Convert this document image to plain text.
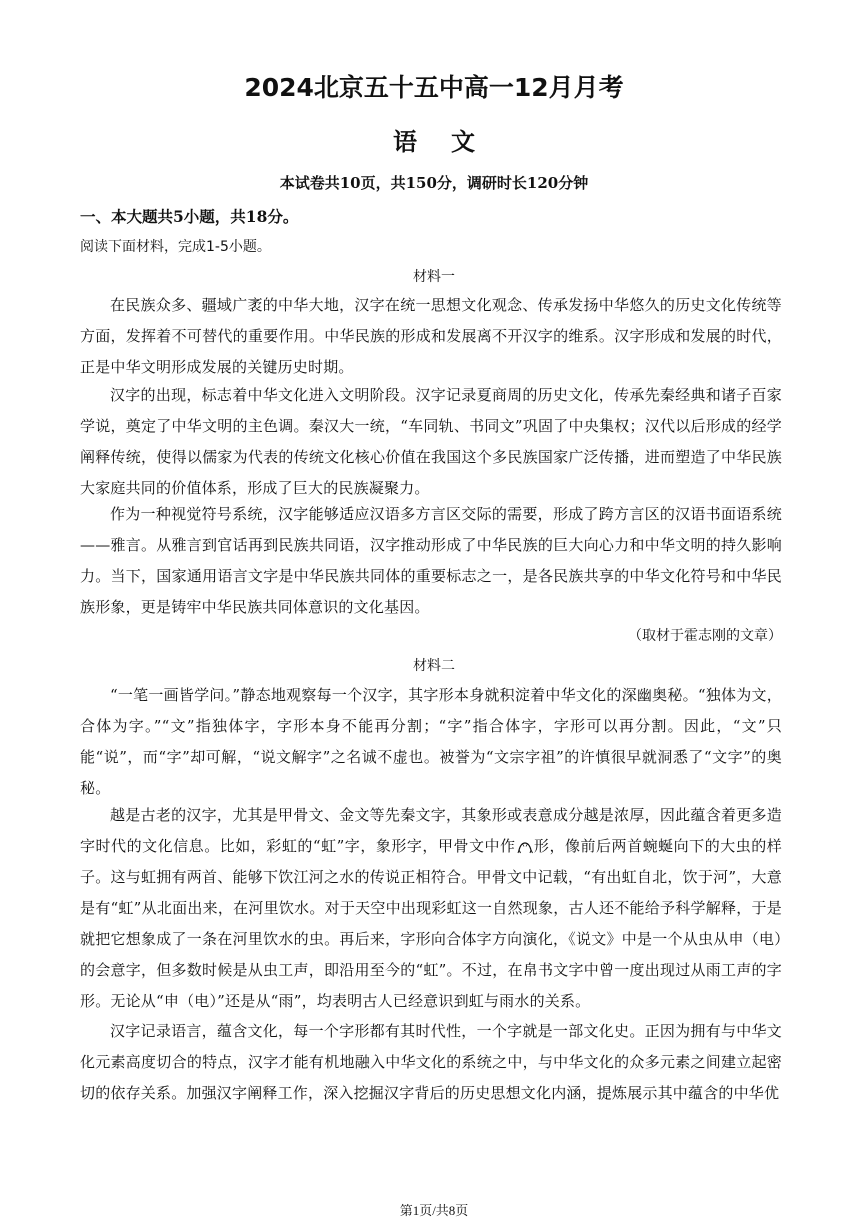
2024北京五十五中高一12月月考
语文
本试卷共10页，共150分，调研时长120分钟
一、本大题共5小题，共18分。
阅读下面材料，完成1-5小题。
材料一

在民族众多、疆域广袤的中华大地，汉字在统一思想文化观念、传承发扬中华悠久的历史文化传统等方面，发挥着不可替代的重要作用。中华民族的形成和发展离不开汉字的维系。汉字形成和发展的时代，正是中华文明形成发展的关键历史时期。

汉字的出现，标志着中华文化进入文明阶段。汉字记录夏商周的历史文化，传承先秦经典和诸子百家学说，奠定了中华文明的主色调。秦汉大一统，“车同轨、书同文”巩固了中央集权；汉代以后形成的经学阐释传统，使得以儒家为代表的传统文化核心价值在我国这个多民族国家广泛传播，进而塑造了中华民族大家庭共同的价值体系，形成了巨大的民族凝聚力。

作为一种视觉符号系统，汉字能够适应汉语多方言区交际的需要，形成了跨方言区的汉语书面语系统——雅言。从雅言到官话再到民族共同语，汉字推动形成了中华民族的巨大向心力和中华文明的持久影响力。当下，国家通用语言文字是中华民族共同体的重要标志之一，是各民族共享的中华文化符号和中华民族形象，更是铸牢中华民族共同体意识的文化基因。

（取材于霍志刚的文章）
材料二

“一笔一画皆学问。”静态地观察每一个汉字，其字形本身就积淀着中华文化的深幽奥秘。“独体为文，合体为字。”“文”指独体字，字形本身不能再分割；“字”指合体字，字形可以再分割。因此，“文”只能“说”，而“字”却可解，“说文解字”之名诚不虚也。被誉为“文宗字祖”的许慎很早就洞悉了“文字”的奥秘。

越是古老的汉字，尤其是甲骨文、金文等先秦文字，其象形或表意成分越是浓厚，因此蕴含着更多造字时代的文化信息。比如，彩虹的“虹”字，象形字，甲骨文中作 形，像前后两首蜿蜒向下的大虫的样子。这与虹拥有两首、能够下饮江河之水的传说正相符合。甲骨文中记载，“有出虹自北，饮于河”，大意是有“虹”从北面出来，在河里饮水。对于天空中出现彩虹这一自然现象，古人还不能给予科学解释，于是就把它想象成了一条在河里饮水的虫。再后来，字形向合体字方向演化，《说文》中是一个从虫从申（电）的会意字，但多数时候是从虫工声，即沿用至今的“虹”。不过，在帛书文字中曾一度出现过从雨工声的字形。无论从“申（电）”还是从“雨”，均表明古人已经意识到虹与雨水的关系。

汉字记录语言，蕴含文化，每一个字形都有其时代性，一个字就是一部文化史。正因为拥有与中华文化元素高度切合的特点，汉字才能有机地融入中华文化的系统之中，与中华文化的众多元素之间建立起密切的依存关系。加强汉字阐释工作，深入挖掘汉字背后的历史思想文化内涵，提炼展示其中蕴含的中华优

第1页/共8页
